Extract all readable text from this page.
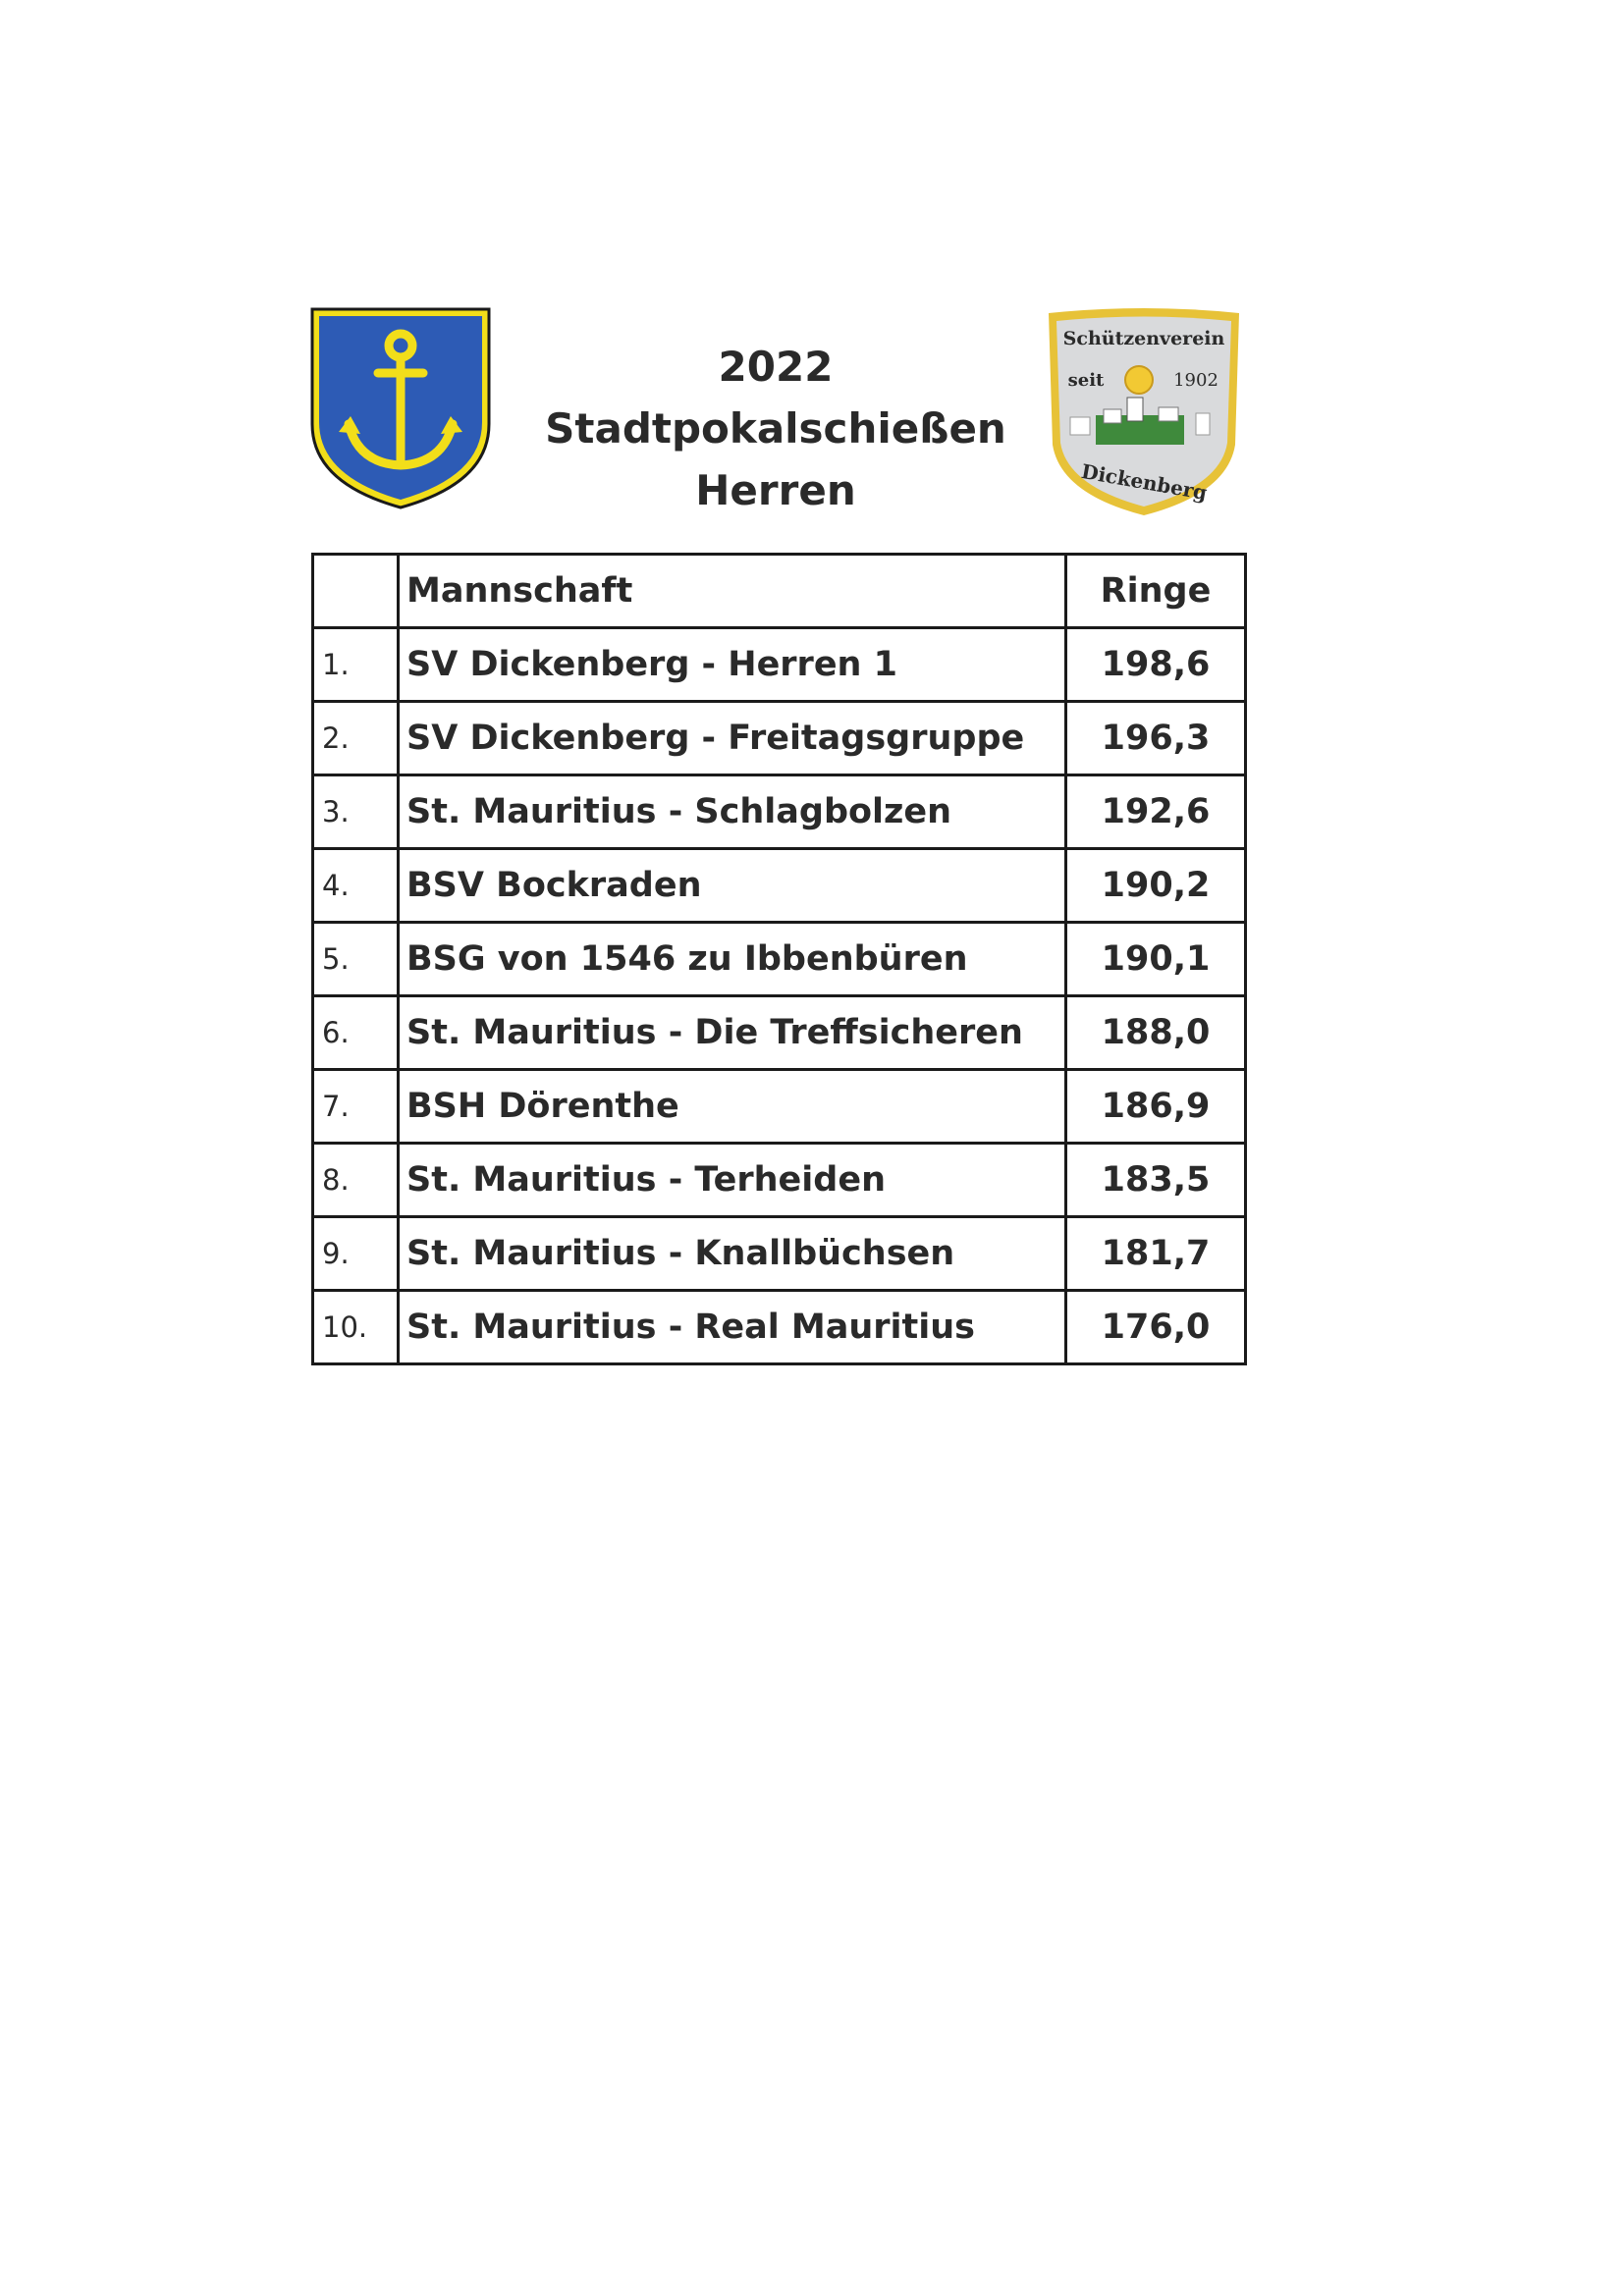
2022
Stadtpokalschießen
Herren
Schützenverein
seit	1902
Dickenberg
	Mannschaft	Ringe
1.	SV Dickenberg - Herren 1	198,6
2.	SV Dickenberg - Freitagsgruppe	196,3
3.	St. Mauritius - Schlagbolzen	192,6
4.	BSV Bockraden	190,2
5.	BSG von 1546 zu Ibbenbüren	190,1
6.	St. Mauritius - Die Treffsicheren	188,0
7.	BSH Dörenthe	186,9
8.	St. Mauritius - Terheiden	183,5
9.	St. Mauritius - Knallbüchsen	181,7
10.	St. Mauritius - Real Mauritius	176,0
